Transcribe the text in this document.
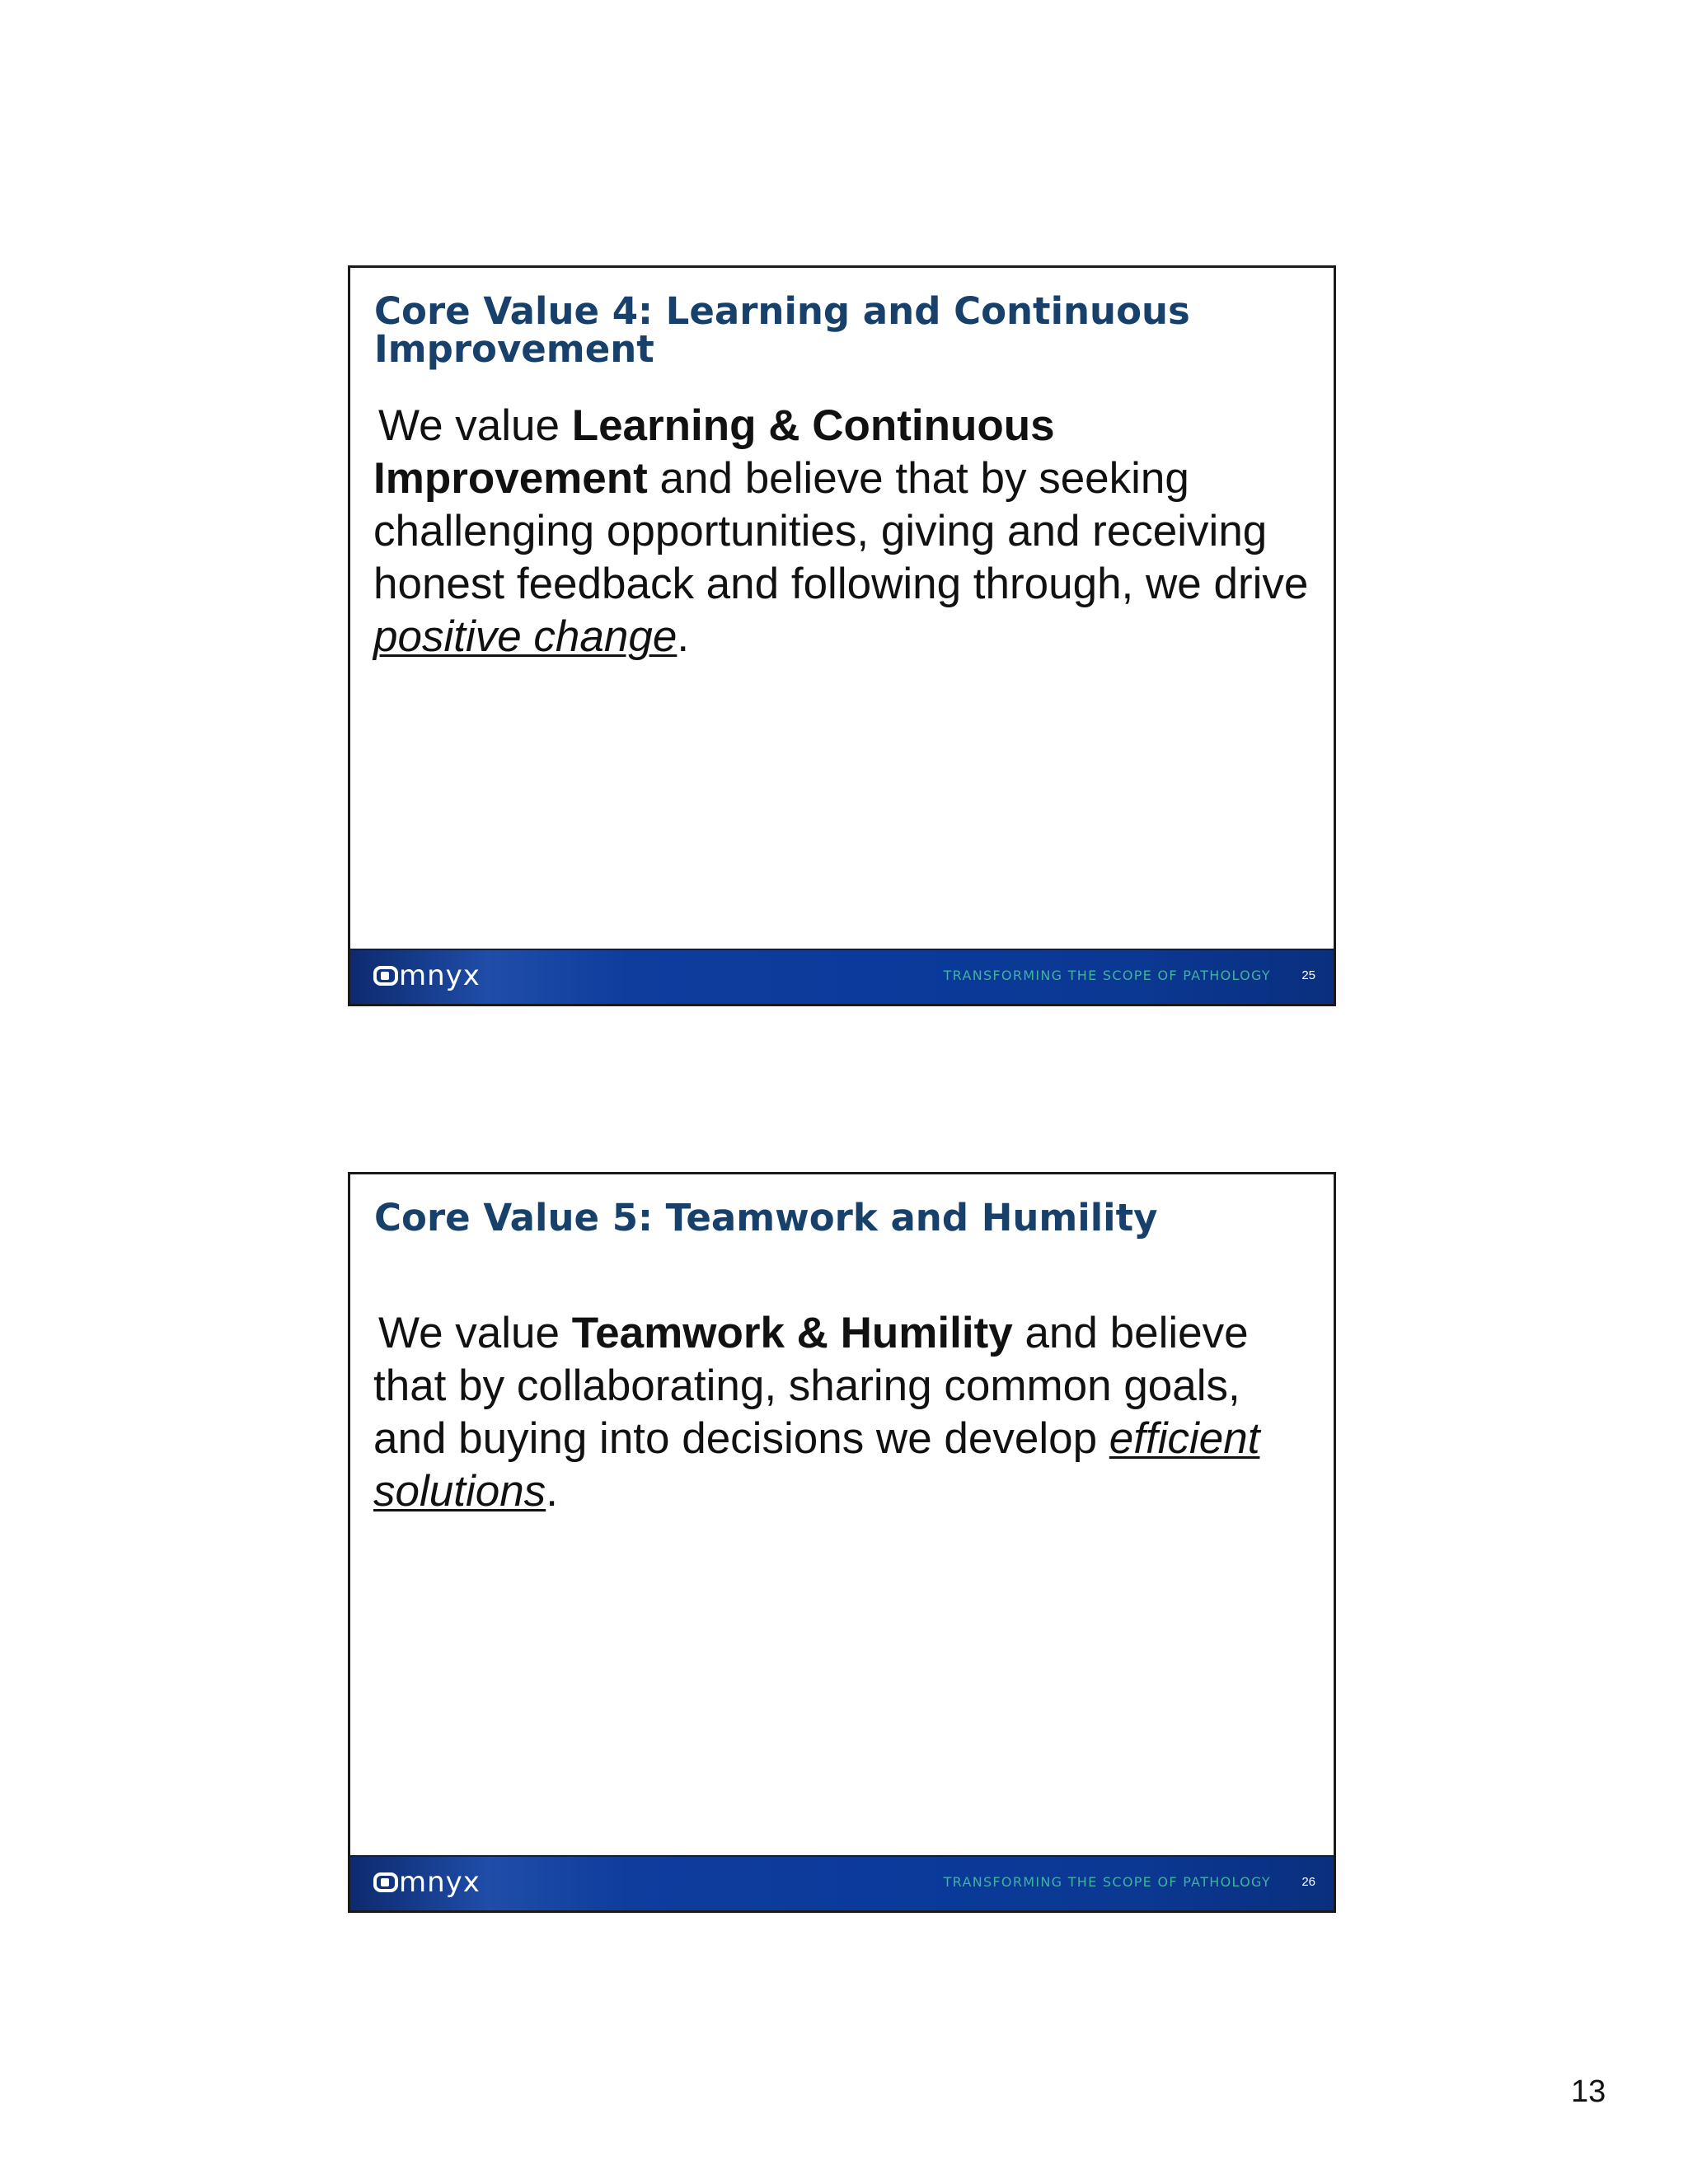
Core Value 4: Learning and Continuous Improvement

We value Learning & Continuous Improvement and believe that by seeking challenging opportunities, giving and receiving honest feedback and following through, we drive positive change.

mnyx	TRANSFORMING THE SCOPE OF PATHOLOGY 25
Core Value 5: Teamwork and Humility

We value Teamwork & Humility and believe that by collaborating, sharing common goals, and buying into decisions we develop efficient solutions.

mnyx	TRANSFORMING THE SCOPE OF PATHOLOGY 26
13
